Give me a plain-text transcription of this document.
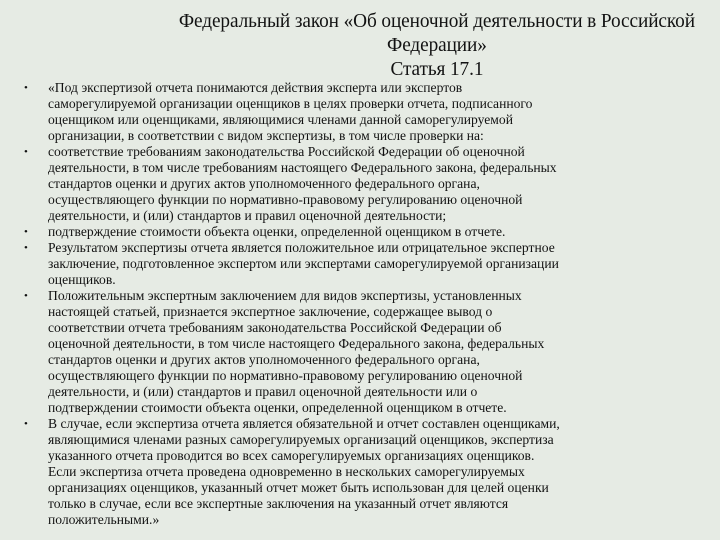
Федеральный закон «Об оценочной деятельности в Российской
Федерации»
Статья 17.1
•	«Под экспертизой отчета понимаются действия эксперта или экспертов
саморегулируемой организации оценщиков в целях проверки отчета, подписанного
оценщиком или оценщиками, являющимися членами данной саморегулируемой
организации, в соответствии с видом экспертизы, в том числе проверки на:
•	соответствие требованиям законодательства Российской Федерации об оценочной
деятельности, в том числе требованиям настоящего Федерального закона, федеральных
стандартов оценки и других актов уполномоченного федерального органа,
осуществляющего функции по нормативно-правовому регулированию оценочной
деятельности, и (или) стандартов и правил оценочной деятельности;
•	подтверждение стоимости объекта оценки, определенной оценщиком в отчете.
•	Результатом экспертизы отчета является положительное или отрицательное экспертное
заключение, подготовленное экспертом или экспертами саморегулируемой организации
оценщиков.
•	Положительным экспертным заключением для видов экспертизы, установленных
настоящей статьей, признается экспертное заключение, содержащее вывод о
соответствии отчета требованиям законодательства Российской Федерации об
оценочной деятельности, в том числе настоящего Федерального закона, федеральных
стандартов оценки и других актов уполномоченного федерального органа,
осуществляющего функции по нормативно-правовому регулированию оценочной
деятельности, и (или) стандартов и правил оценочной деятельности или о
подтверждении стоимости объекта оценки, определенной оценщиком в отчете.
•	В случае, если экспертиза отчета является обязательной и отчет составлен оценщиками,
являющимися членами разных саморегулируемых организаций оценщиков, экспертиза
указанного отчета проводится во всех саморегулируемых организациях оценщиков.
Если экспертиза отчета проведена одновременно в нескольких саморегулируемых
организациях оценщиков, указанный отчет может быть использован для целей оценки
только в случае, если все экспертные заключения на указанный отчет являются
положительными.»
